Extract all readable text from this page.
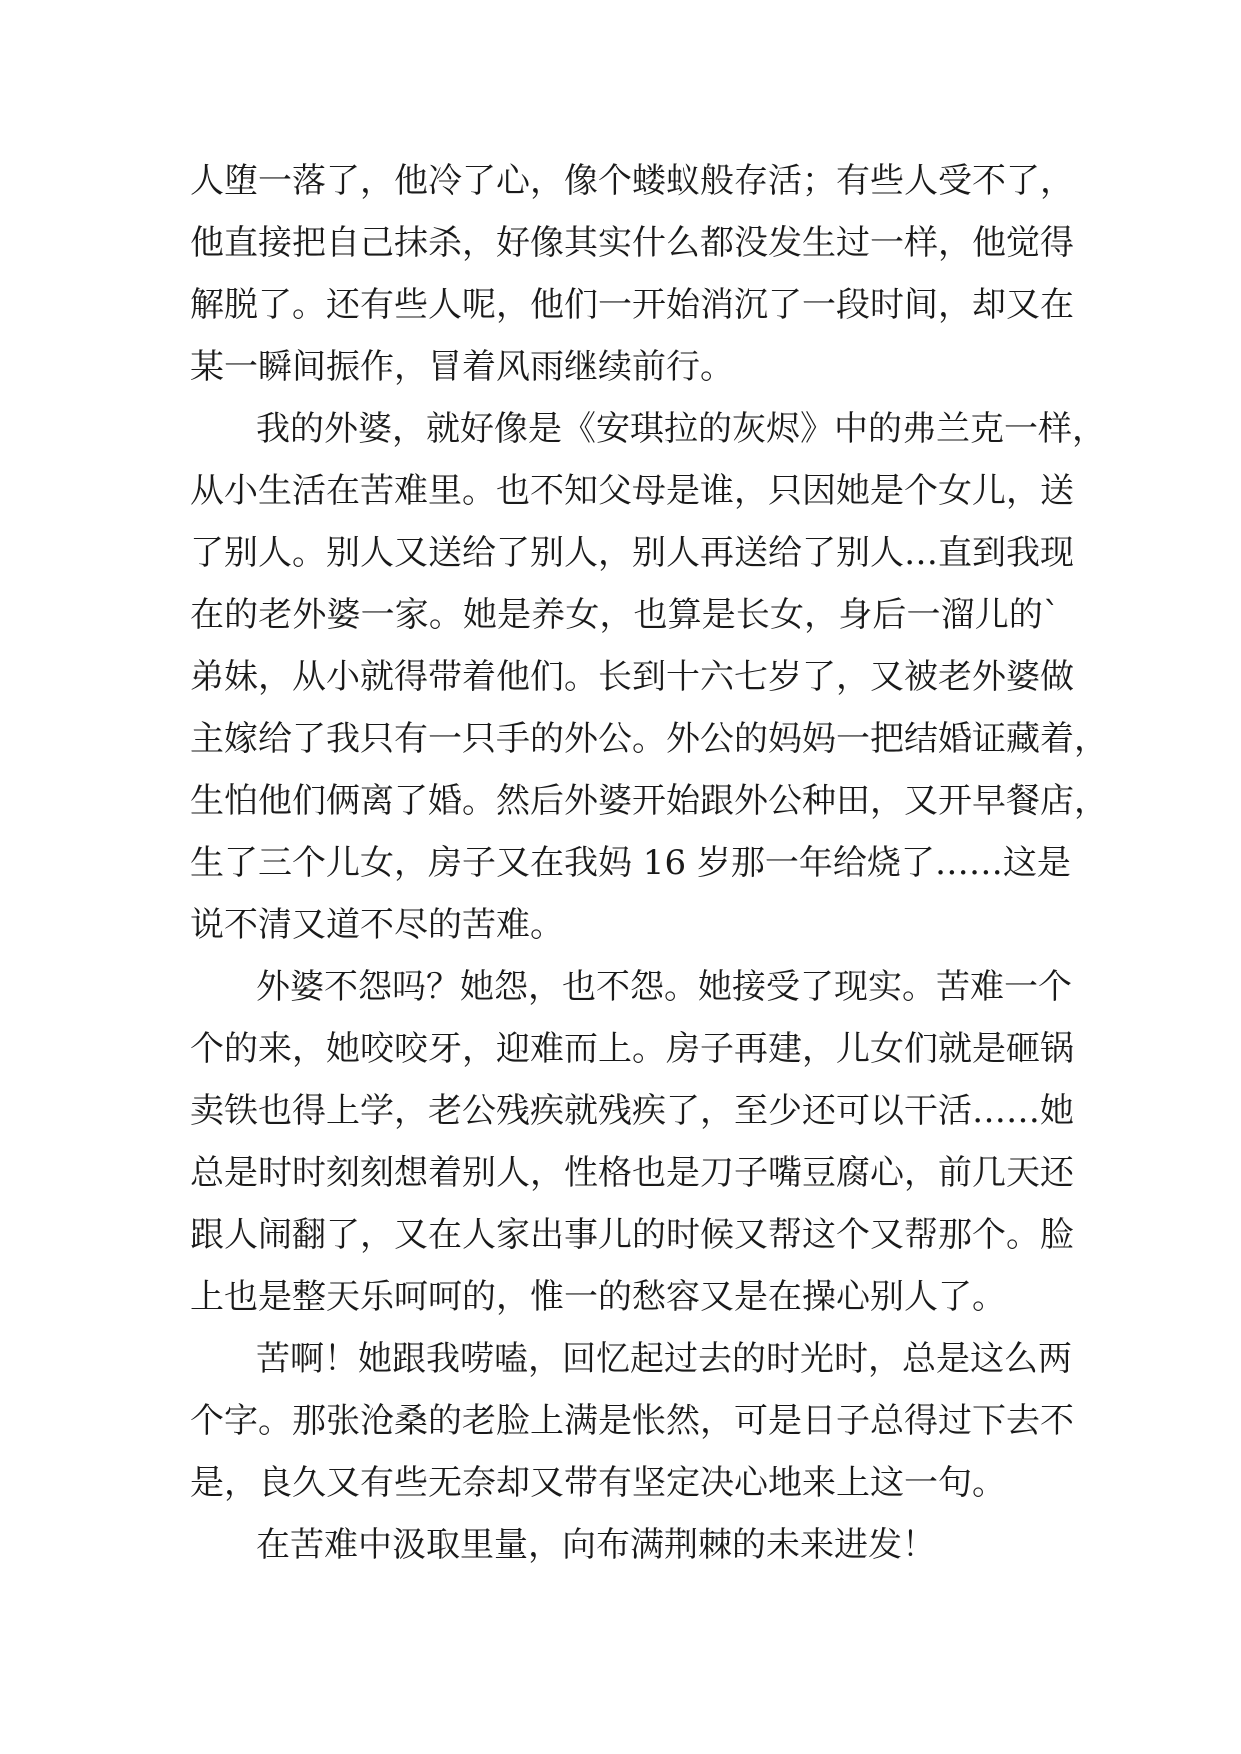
人堕一落了，他冷了心，像个蝼蚁般存活；有些人受不了，
他直接把自己抹杀，好像其实什么都没发生过一样，他觉得
解脱了。还有些人呢，他们一开始消沉了一段时间，却又在
某一瞬间振作，冒着风雨继续前行。
我的外婆，就好像是《安琪拉的灰烬》中的弗兰克一样，
从小生活在苦难里。也不知父母是谁，只因她是个女儿，送
了别人。别人又送给了别人，别人再送给了别人…直到我现
在的老外婆一家。她是养女，也算是长女，身后一溜儿的`
弟妹，从小就得带着他们。长到十六七岁了，又被老外婆做
主嫁给了我只有一只手的外公。外公的妈妈一把结婚证藏着，
生怕他们俩离了婚。然后外婆开始跟外公种田，又开早餐店，
生了三个儿女，房子又在我妈 16 岁那一年给烧了……这是
说不清又道不尽的苦难。
外婆不怨吗？她怨，也不怨。她接受了现实。苦难一个
个的来，她咬咬牙，迎难而上。房子再建，儿女们就是砸锅
卖铁也得上学，老公残疾就残疾了，至少还可以干活……她
总是时时刻刻想着别人，性格也是刀子嘴豆腐心，前几天还
跟人闹翻了，又在人家出事儿的时候又帮这个又帮那个。脸
上也是整天乐呵呵的，惟一的愁容又是在操心别人了。
苦啊！她跟我唠嗑，回忆起过去的时光时，总是这么两
个字。那张沧桑的老脸上满是怅然，可是日子总得过下去不
是，良久又有些无奈却又带有坚定决心地来上这一句。
在苦难中汲取里量，向布满荆棘的未来进发！
